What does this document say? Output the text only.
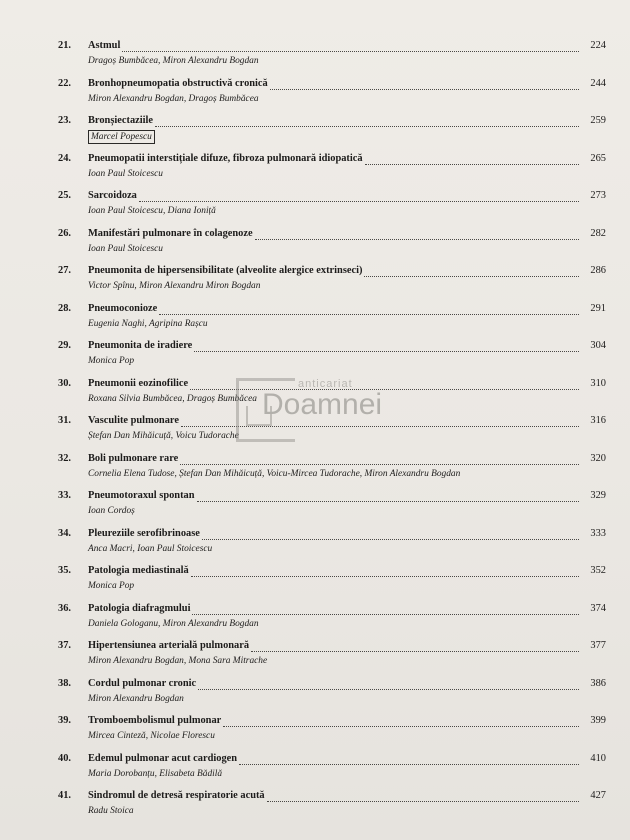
21.	Astmul	224
Dragoș Bumbăcea, Miron Alexandru Bogdan
22.	Bronhopneumopatia obstructivă cronică	244
Miron Alexandru Bogdan, Dragoș Bumbăcea
23.	Bronșiectaziile	259
Marcel Popescu
24.	Pneumopatii interstițiale difuze, fibroza pulmonară idiopatică	265
Ioan Paul Stoicescu
25.	Sarcoidoza	273
Ioan Paul Stoicescu, Diana Ioniță
26.	Manifestări pulmonare în colagenoze	282
Ioan Paul Stoicescu
27.	Pneumonita de hipersensibilitate (alveolite alergice extrinseci)	286
Victor Spînu, Miron Alexandru Miron Bogdan
28.	Pneumoconioze	291
Eugenia Naghi, Agripina Rașcu
29.	Pneumonita de iradiere	304
Monica Pop
30.	Pneumonii eozinofilice	310
Roxana Silvia Bumbăcea, Dragoș Bumbăcea
31.	Vasculite pulmonare	316
Ștefan Dan Mihăicuță, Voicu Tudorache
32.	Boli pulmonare rare	320
Cornelia Elena Tudose, Ștefan Dan Mihăicuță, Voicu-Mircea Tudorache, Miron Alexandru Bogdan
33.	Pneumotoraxul spontan	329
Ioan Cordoș
34.	Pleureziile serofibrinoase	333
Anca Macri, Ioan Paul Stoicescu
35.	Patologia mediastinală	352
Monica Pop
36.	Patologia diafragmului	374
Daniela Gologanu, Miron Alexandru Bogdan
37.	Hipertensiunea arterială pulmonară	377
Miron Alexandru Bogdan, Mona Sara Mitrache
38.	Cordul pulmonar cronic	386
Miron Alexandru Bogdan
39.	Tromboembolismul pulmonar	399
Mircea Cinteză, Nicolae Florescu
40.	Edemul pulmonar acut cardiogen	410
Maria Dorobanțu, Elisabeta Bădilă
41.	Sindromul de detresă respiratorie acută	427
Radu Stoica
anticariat
Doamnei
